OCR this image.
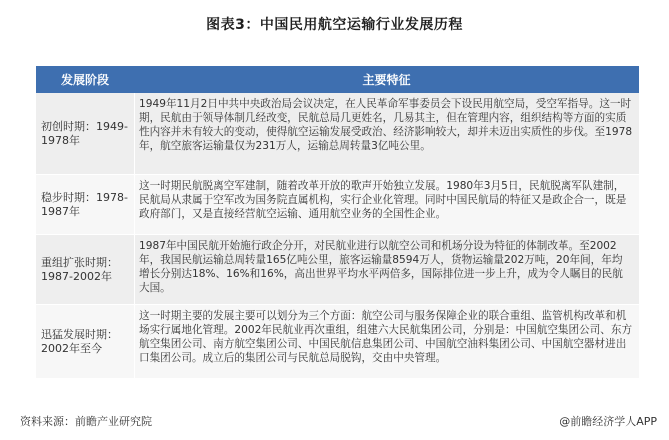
图表3：中国民用航空运输行业发展历程
发展阶段	主要特征
初创时期：1949-1978年
1949年11月2日中共中央政治局会议决定，在人民革命军事委员会下设民用航空局，受空军指导。这一时期，民航由于领导体制几经改变，民航总局几更姓名，几易其主，但在管理内容，组织结构等方面的实质性内容并未有较大的变动，使得航空运输发展受政治、经济影响较大，却并未迈出实质性的步伐。至1978年，航空旅客运输量仅为231万人，运输总周转量3亿吨公里。
稳步时期：1978-1987年
这一时期民航脱离空军建制，随着改革开放的歌声开始独立发展。1980年3月5日，民航脱离军队建制，民航局从隶属于空军改为国务院直属机构，实行企业化管理。同时中国民航局的特征又是政企合一，既是政府部门，又是直接经营航空运输、通用航空业务的全国性企业。
重组扩张时期：1987-2002年
1987年中国民航开始施行政企分开，对民航业进行以航空公司和机场分设为特征的体制改革。至2002年，我国民航运输总周转量165亿吨公里，旅客运输量8594万人，货物运输量202万吨，20年间，年均增长分别达18%、16%和16%，高出世界平均水平两倍多，国际排位进一步上升，成为令人瞩目的民航大国。
迅猛发展时期：2002年至今
这一时期主要的发展主要可以划分为三个方面：航空公司与服务保障企业的联合重组、监管机构改革和机场实行属地化管理。2002年民航业再次重组，组建六大民航集团公司，分别是：中国航空集团公司、东方航空集团公司、南方航空集团公司、中国民航信息集团公司、中国航空油料集团公司、中国航空器材进出口集团公司。成立后的集团公司与民航总局脱钩，交由中央管理。
资料来源：前瞻产业研究院	@前瞻经济学人APP
